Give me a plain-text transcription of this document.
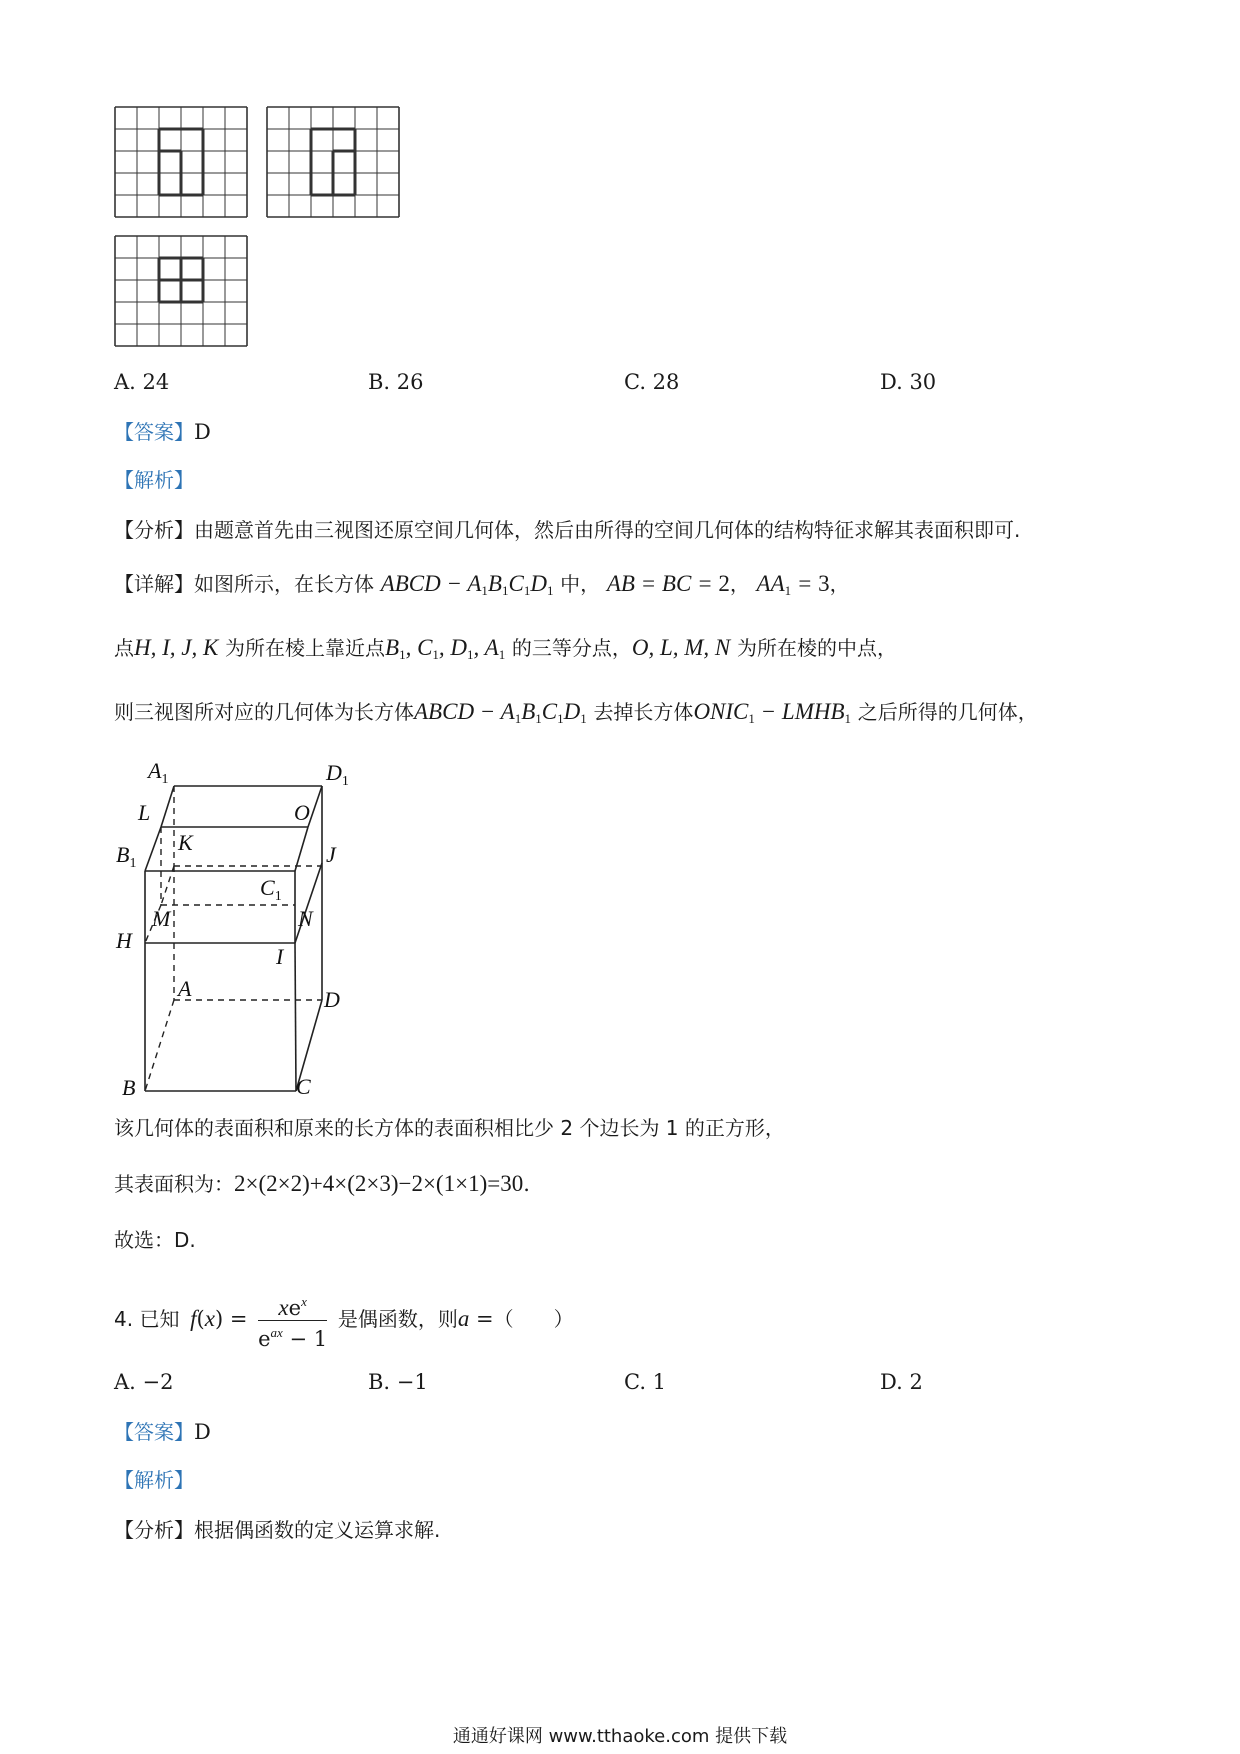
A. 24	B. 26	C. 28	D. 30
【答案】D
【解析】
【分析】由题意首先由三视图还原空间几何体，然后由所得的空间几何体的结构特征求解其表面积即可.
【详解】如图所示，在长方体 ABCD − $A_1B_1C_1D_1$ 中， AB = BC = 2， $AA_1 = 3$，
点H, I, J, K 为所在棱上靠近点$B_1$, $C_1$, $D_1$, $A_1$ 的三等分点，O, L, M, N 为所在棱的中点，
则三视图所对应的几何体为长方体ABCD − $A_1B_1C_1D_1$ 去掉长方体$ONIC_1$ − $LMHB_1$ 之后所得的几何体，
$A_1$	$D_1$
L	O
K
$B_1$	J
$C_1$
M	N
H
I
A	D
B	C
该几何体的表面积和原来的长方体的表面积相比少 2 个边长为 1 的正方形，
其表面积为：2×(2×2)+4×(2×3)−2×(1×1)=30.
故选：D.
4. 已知 f(x) =	$xe^x$
$e^{ax} - 1$
是偶函数，则a =（　　）
A. −2	B. −1	C. 1	D. 2
【答案】D
【解析】
【分析】根据偶函数的定义运算求解.
通通好课网 www.tthaoke.com 提供下载
